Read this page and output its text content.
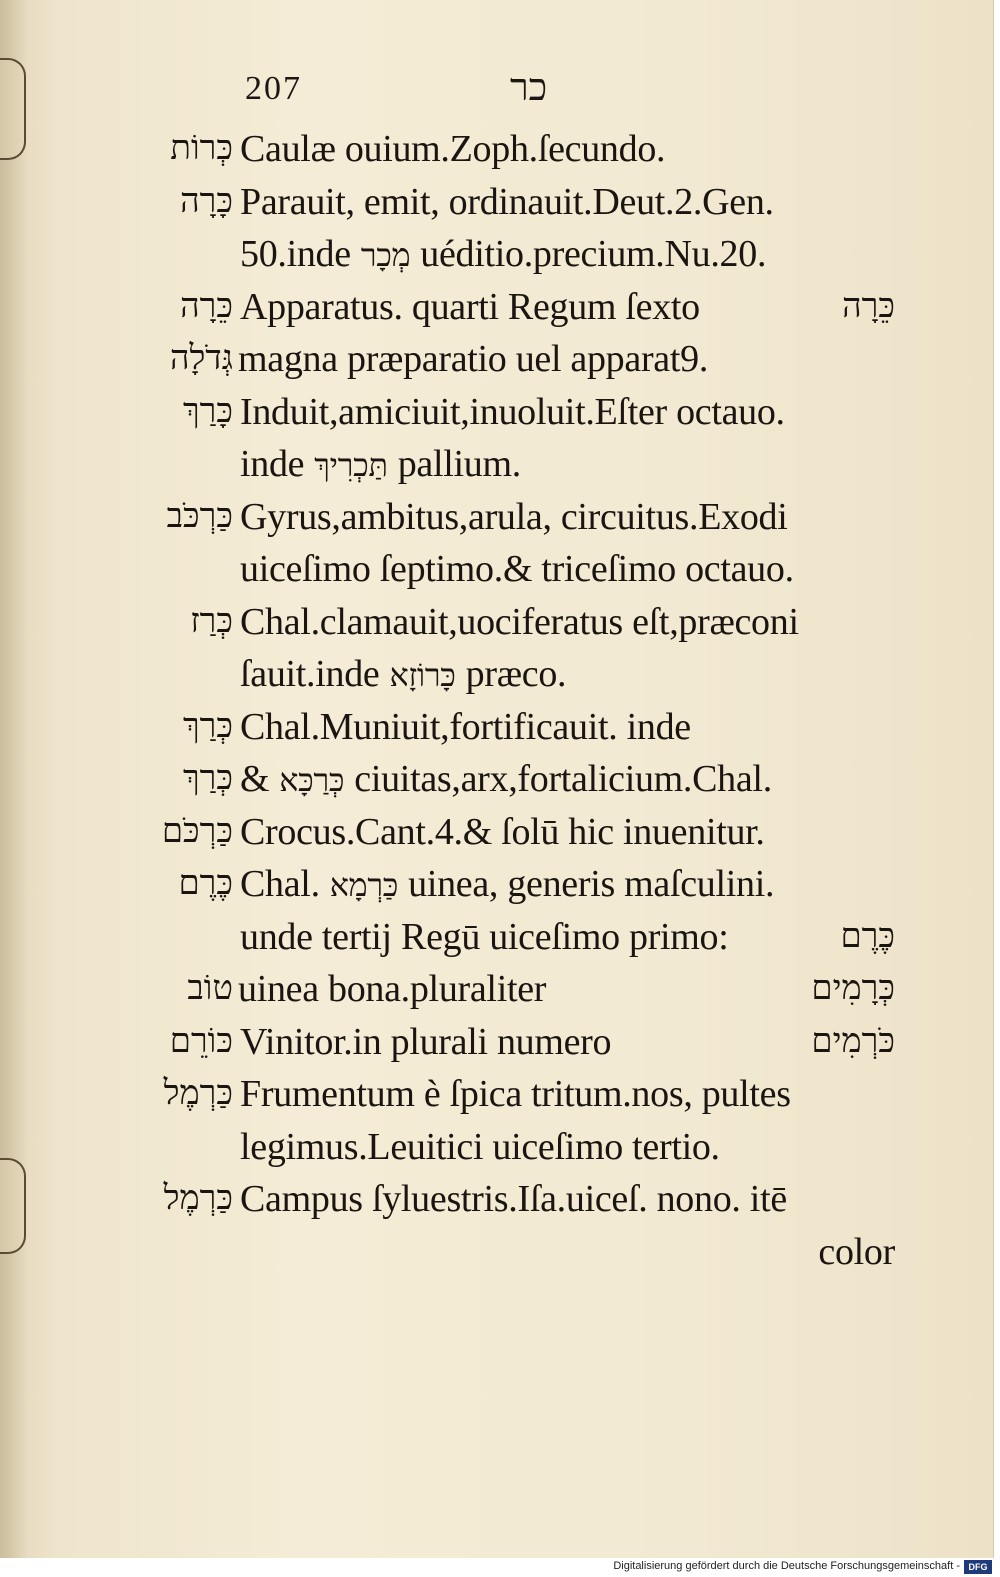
207	כר
כְּרוֹת Caulæ ouium.Zoph.ſecundo.
כָּרָה Parauit, emit, ordinauit.Deut.2.Gen.
50.inde מְכָר uéditio.precium.Nu.20.
כֵּרָה Apparatus. quarti Regum ſexto	כֵּרָה
גְּדֹלָה magna præparatio uel apparat9.
כָּרַךְ Induit,amiciuit,inuoluit.Eſter octauo.
inde תַּכְרִיךְ pallium.
כַּרְכֹּב Gyrus,ambitus,arula, circuitus.Exodi
uiceſimo ſeptimo.& triceſimo octauo.
כְּרַז Chal.clamauit,uociferatus eſt,præconi
ſauit.inde כָּרוֹזָא præco.
כְּרַךְ Chal.Muniuit,fortificauit. inde
כְּרַךְ & כְּרַכָּא ciuitas,arx,fortalicium.Chal.
כַּרְכֹּם Crocus.Cant.4.& ſolū hic inuenitur.
כֶּרֶם Chal. כַּרְמָא uinea, generis maſculini.
unde tertij Regū uiceſimo primo:	כֶּרֶם
טוֹב uinea bona.pluraliter	כְּרָמִים
כּוֹרֵם Vinitor.in plurali numero	כֹּרְמִים
כַּרְמֶל Frumentum è ſpica tritum.nos, pultes
legimus.Leuitici uiceſimo tertio.
כַּרְמֶל Campus ſyluestris.Iſa.uiceſ. nono. itē
color
Digitalisierung gefördert durch die Deutsche Forschungsgemeinschaft - DFG
